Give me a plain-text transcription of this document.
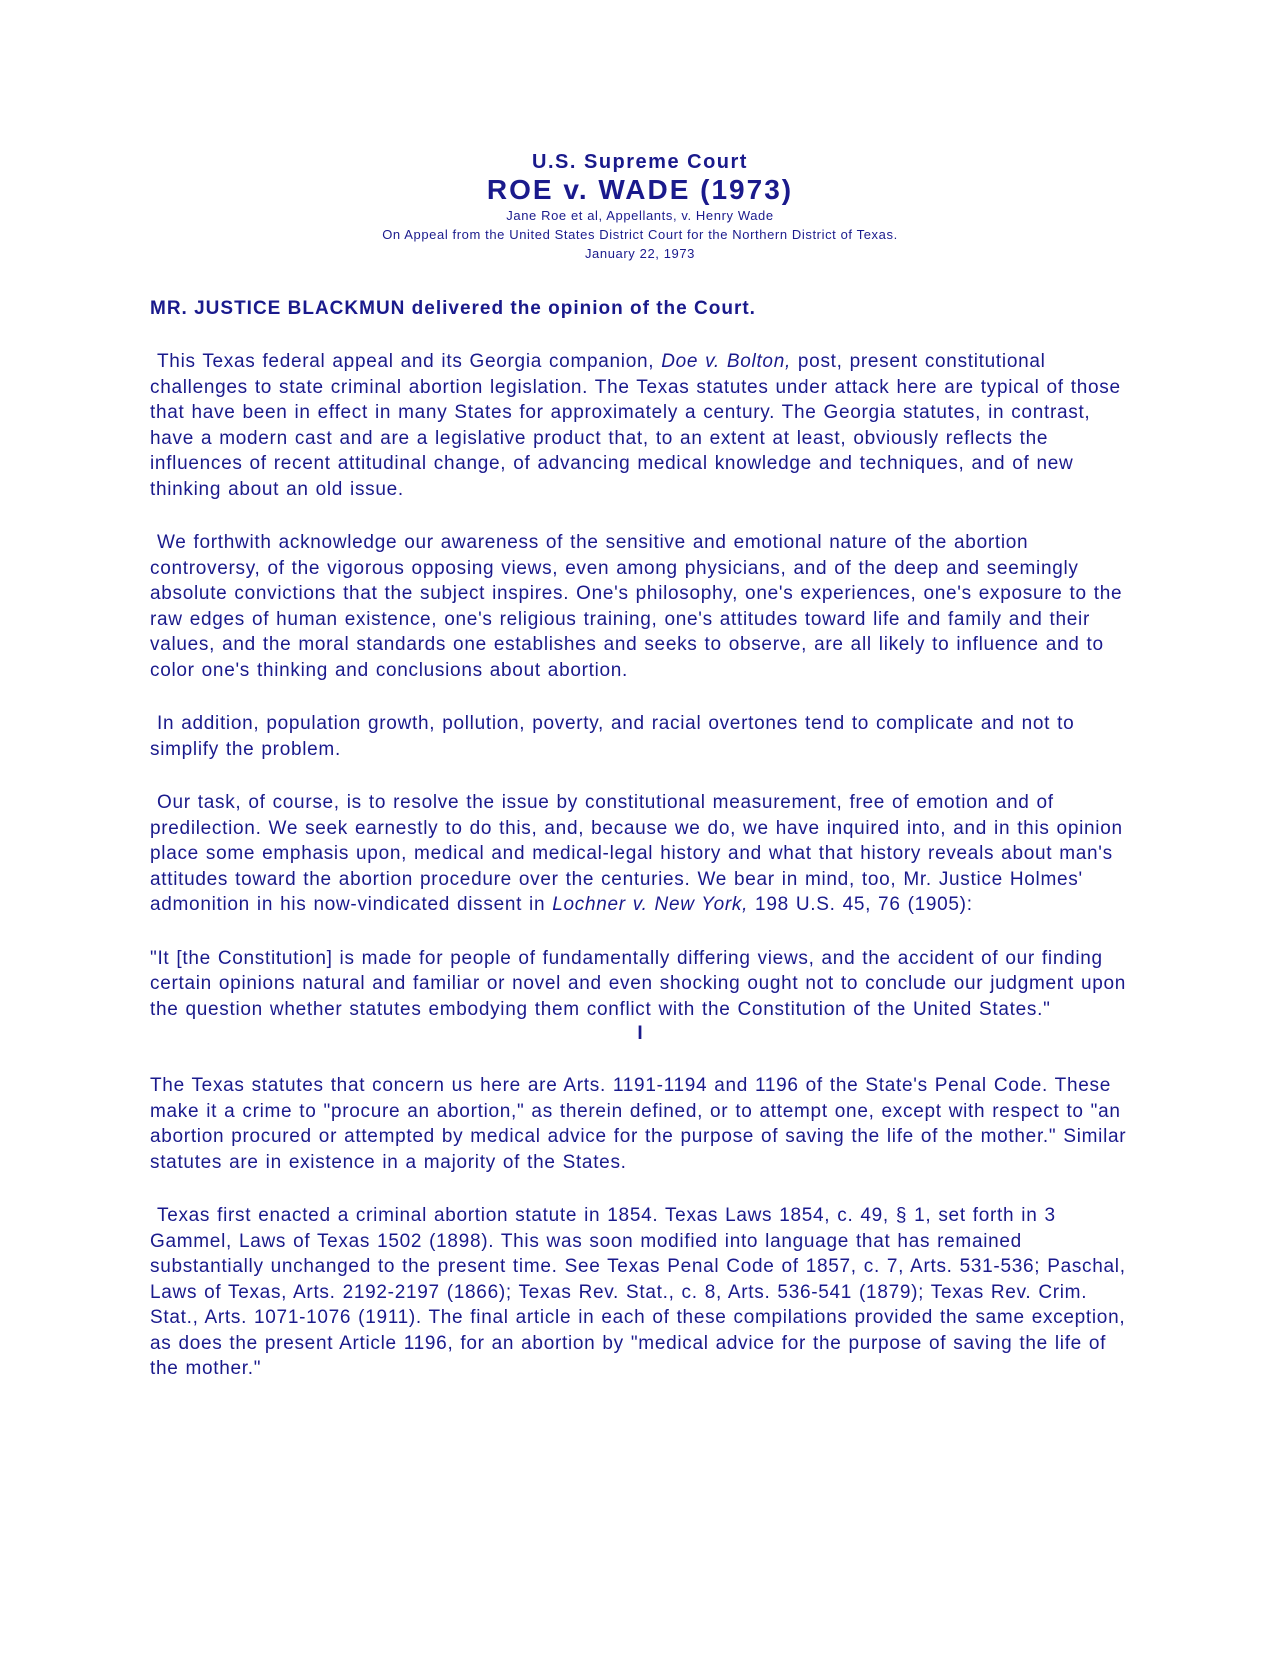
U.S. Supreme Court
ROE v. WADE (1973)
Jane Roe et al, Appellants, v. Henry Wade
On Appeal from the United States District Court for the Northern District of Texas.
January 22, 1973
MR. JUSTICE BLACKMUN delivered the opinion of the Court.

This Texas federal appeal and its Georgia companion, Doe v. Bolton, post, present constitutional challenges to state criminal abortion legislation. The Texas statutes under attack here are typical of those that have been in effect in many States for approximately a century. The Georgia statutes, in contrast, have a modern cast and are a legislative product that, to an extent at least, obviously reflects the influences of recent attitudinal change, of advancing medical knowledge and techniques, and of new thinking about an old issue.

We forthwith acknowledge our awareness of the sensitive and emotional nature of the abortion controversy, of the vigorous opposing views, even among physicians, and of the deep and seemingly absolute convictions that the subject inspires. One's philosophy, one's experiences, one's exposure to the raw edges of human existence, one's religious training, one's attitudes toward life and family and their values, and the moral standards one establishes and seeks to observe, are all likely to influence and to color one's thinking and conclusions about abortion.

In addition, population growth, pollution, poverty, and racial overtones tend to complicate and not to simplify the problem.

Our task, of course, is to resolve the issue by constitutional measurement, free of emotion and of predilection. We seek earnestly to do this, and, because we do, we have inquired into, and in this opinion place some emphasis upon, medical and medical-legal history and what that history reveals about man's attitudes toward the abortion procedure over the centuries. We bear in mind, too, Mr. Justice Holmes' admonition in his now-vindicated dissent in Lochner v. New York, 198 U.S. 45, 76 (1905):

"It [the Constitution] is made for people of fundamentally differing views, and the accident of our finding certain opinions natural and familiar or novel and even shocking ought not to conclude our judgment upon the question whether statutes embodying them conflict with the Constitution of the United States."

I

The Texas statutes that concern us here are Arts. 1191-1194 and 1196 of the State's Penal Code. These make it a crime to "procure an abortion," as therein defined, or to attempt one, except with respect to "an abortion procured or attempted by medical advice for the purpose of saving the life of the mother." Similar statutes are in existence in a majority of the States.

Texas first enacted a criminal abortion statute in 1854. Texas Laws 1854, c. 49, § 1, set forth in 3 Gammel, Laws of Texas 1502 (1898). This was soon modified into language that has remained substantially unchanged to the present time. See Texas Penal Code of 1857, c. 7, Arts. 531-536; Paschal, Laws of Texas, Arts. 2192-2197 (1866); Texas Rev. Stat., c. 8, Arts. 536-541 (1879); Texas Rev. Crim. Stat., Arts. 1071-1076 (1911). The final article in each of these compilations provided the same exception, as does the present Article 1196, for an abortion by "medical advice for the purpose of saving the life of the mother."
